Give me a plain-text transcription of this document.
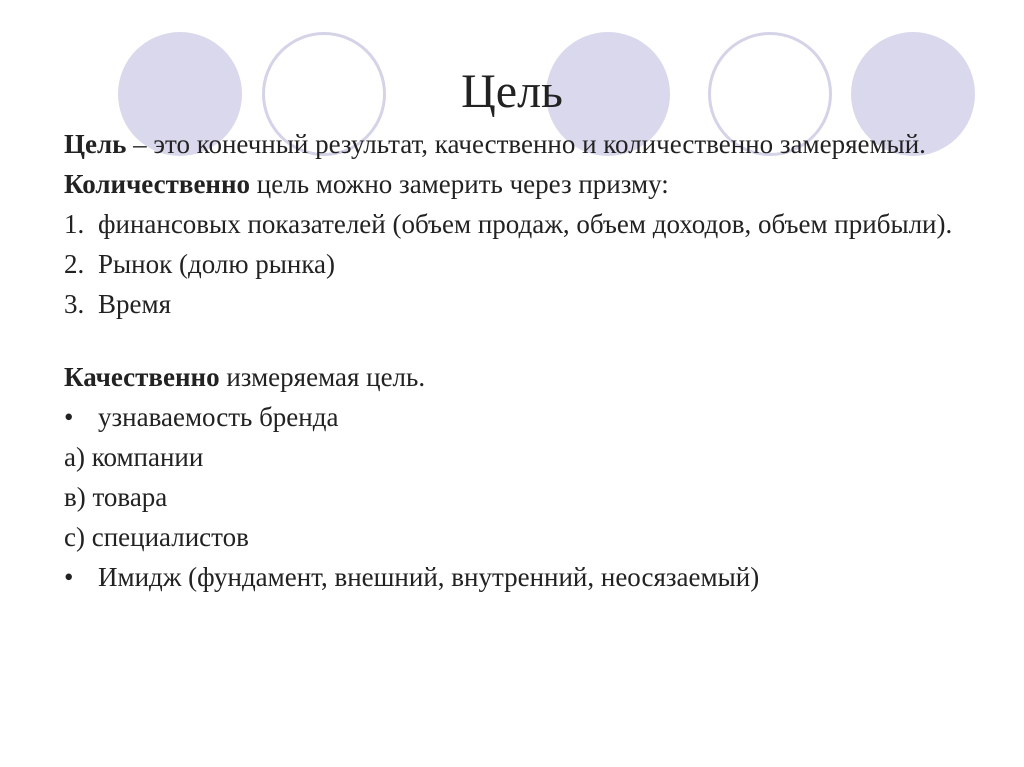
Цель
Цель – это конечный результат, качественно и количественно замеряемый.
Количественно цель можно замерить через призму:
1. финансовых показателей (объем продаж, объем доходов, объем прибыли).
2. Рынок (долю рынка)
3. Время
Качественно измеряемая цель.
• узнаваемость бренда
а) компании
в) товара
с) специалистов
• Имидж (фундамент, внешний, внутренний, неосязаемый)
